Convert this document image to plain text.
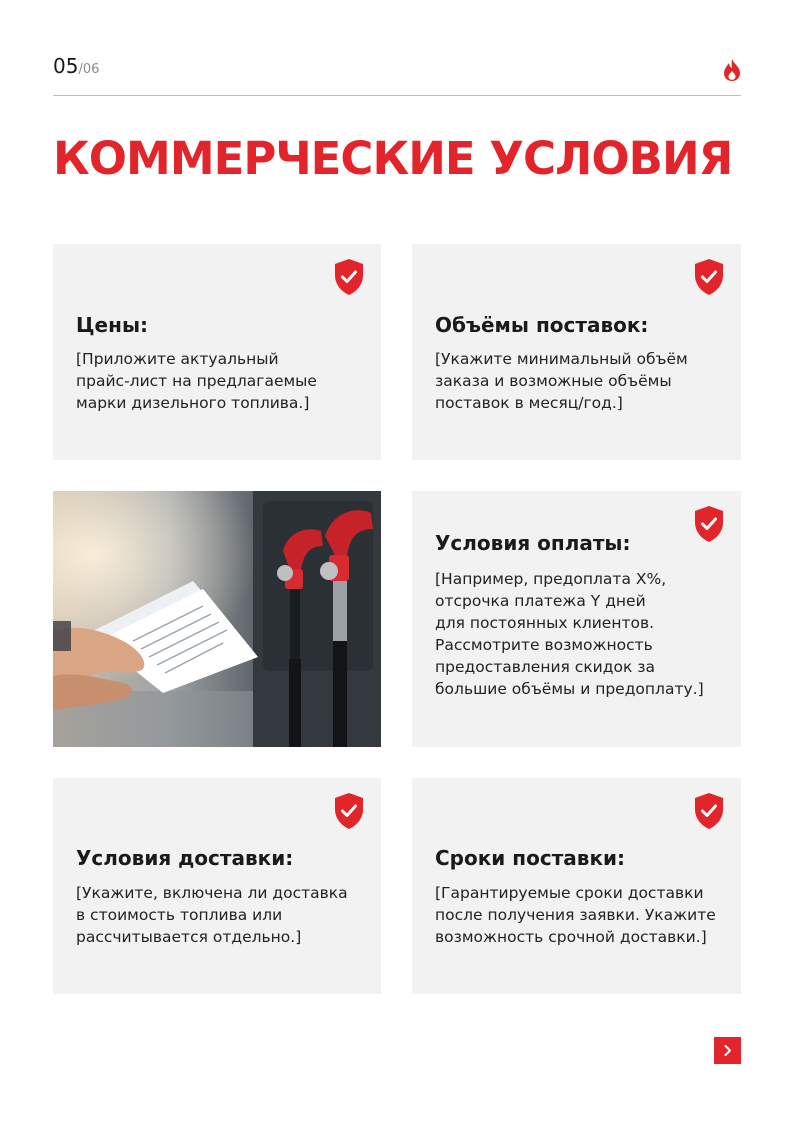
05/06
КОММЕРЧЕСКИЕ УСЛОВИЯ
Цены:

[Приложите актуальный
прайс-лист на предлагаемые
марки дизельного топлива.]

Объёмы поставок:

[Укажите минимальный объём
заказа и возможные объёмы
поставок в месяц/год.]

Условия оплаты:

[Например, предоплата X%,
отсрочка платежа Y дней
для постоянных клиентов.
Рассмотрите возможность
предоставления скидок за
большие объёмы и предоплату.]

Условия доставки:

[Укажите, включена ли доставка
в стоимость топлива или
рассчитывается отдельно.]

Сроки поставки:

[Гарантируемые сроки доставки
после получения заявки. Укажите
возможность срочной доставки.]
